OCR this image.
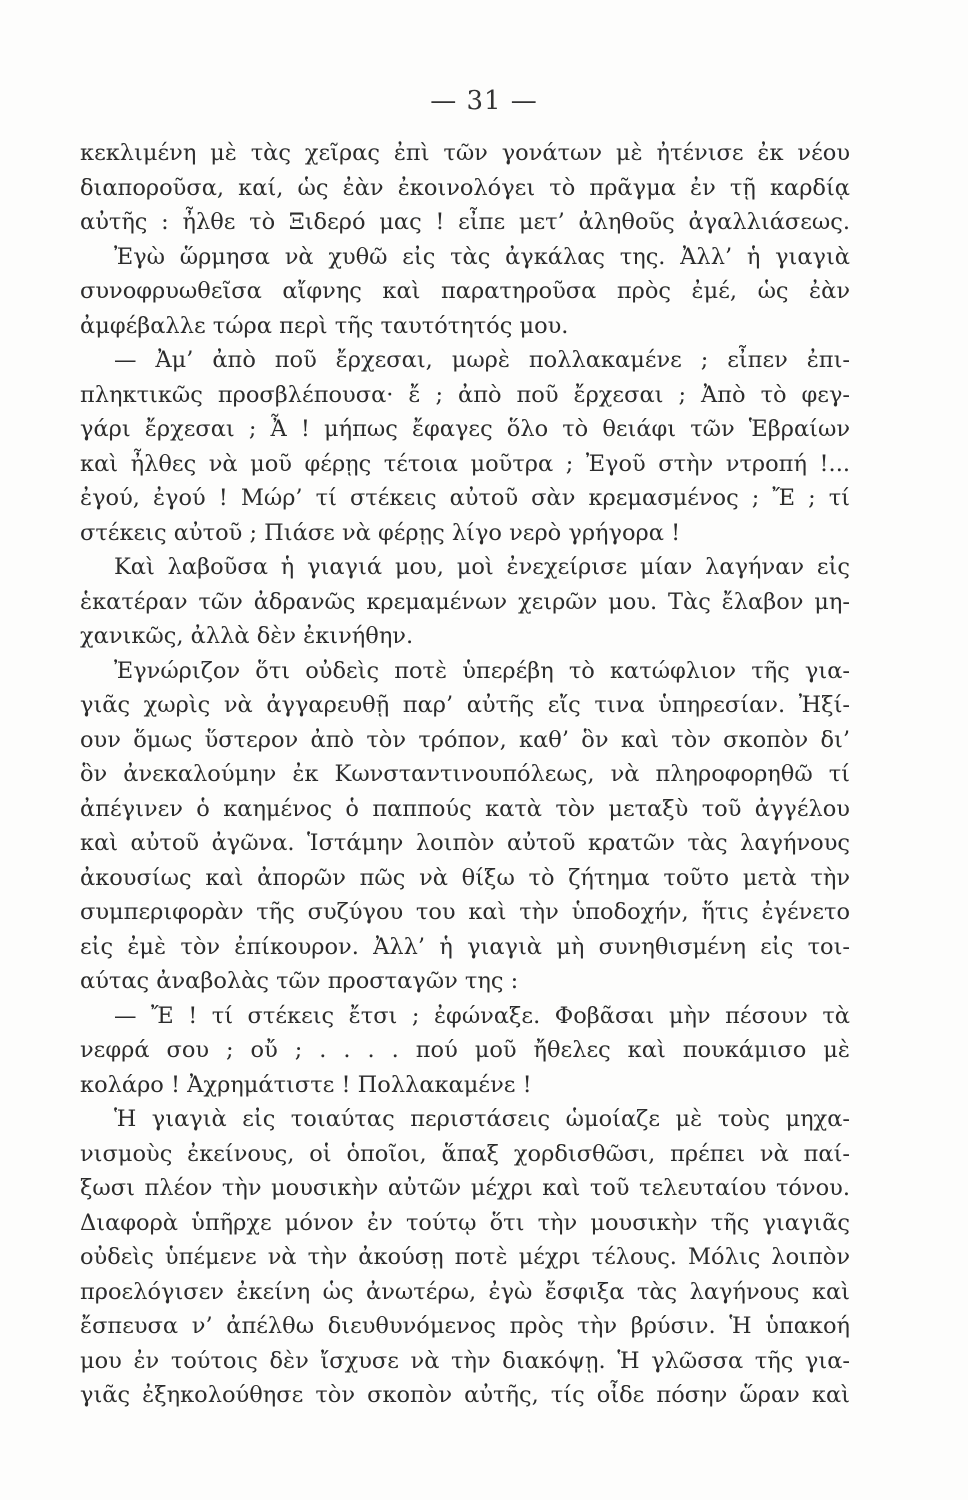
— 31 —
κεκλιμένη μὲ τὰς χεῖρας ἐπὶ τῶν γονάτων μὲ ἠτένισε ἐκ νέου
διαπορoῦσα, καί, ὡς ἐὰν ἐκοινολόγει τὸ πρᾶγμα ἐν τῇ καρδίᾳ
αὐτῆς : ἦλθε τὸ Ξιδερό μας ! εἶπε μετ’ ἀληθοῦς ἀγαλλιάσεως.
Ἐγὼ ὥρμησα νὰ χυθῶ εἰς τὰς ἀγκάλας της. Ἀλλ’ ἡ γιαγιὰ
συνοφρυωθεῖσα αἴφνης καὶ παρατηροῦσα πρὸς ἐμέ, ὡς ἐὰν
ἀμφέβαλλε τώρα περὶ τῆς ταυτότητός μου.
— Ἀμ’ ἀπὸ ποῦ ἔρχεσαι, μωρὲ πολλακαμένε ; εἶπεν ἐπι-
πληκτικῶς προσβλέπουσα· ἔ ; ἀπὸ ποῦ ἔρχεσαι ; Ἀπὸ τὸ φεγ-
γάρι ἔρχεσαι ; Ἆ ! μήπως ἔφαγες ὅλο τὸ θειάφι τῶν Ἑβραίων
καὶ ἦλθες νὰ μοῦ φέρῃς τέτοια μοῦτρα ; Ἐγοῦ στὴν ντροπή !...
ἐγού, ἐγού ! Μώρ’ τί στέκεις αὐτοῦ σὰν κρεμασμένος ; Ἔ ; τί
στέκεις αὐτοῦ ; Πιάσε νὰ φέρῃς λίγο νερὸ γρήγορα !
Καὶ λαβοῦσα ἡ γιαγιά μου, μοὶ ἐνεχείρισε μίαν λαγήναν εἰς
ἑκατέραν τῶν ἀδρανῶς κρεμαμένων χειρῶν μου. Τὰς ἔλαβον μη-
χανικῶς, ἀλλὰ δὲν ἐκινήθην.
Ἐγνώριζον ὅτι οὐδεὶς ποτὲ ὑπερέβη τὸ κατώφλιον τῆς για-
γιᾶς χωρὶς νὰ ἀγγαρευθῇ παρ’ αὐτῆς εἴς τινα ὑπηρεσίαν. Ἠξί-
ουν ὅμως ὕστερον ἀπὸ τὸν τρόπον, καθ’ ὃν καὶ τὸν σκοπὸν δι’
ὃν ἀνεκαλούμην ἐκ Κωνσταντινουπόλεως, νὰ πληροφορηθῶ τί
ἀπέγινεν ὁ καημένος ὁ παππούς κατὰ τὸν μεταξὺ τοῦ ἀγγέλου
καὶ αὐτοῦ ἀγῶνα. Ἱστάμην λοιπὸν αὐτοῦ κρατῶν τὰς λαγήνους
ἀκουσίως καὶ ἀπορῶν πῶς νὰ θίξω τὸ ζήτημα τοῦτο μετὰ τὴν
συμπεριφορὰν τῆς συζύγου του καὶ τὴν ὑποδοχήν, ἥτις ἐγένετο
εἰς ἐμὲ τὸν ἐπίκουρον. Ἀλλ’ ἡ γιαγιὰ μὴ συνηθισμένη εἰς τοι-
αύτας ἀναβολὰς τῶν προσταγῶν της :
— Ἔ ! τί στέκεις ἔτσι ; ἐφώναξε. Φοβᾶσαι μὴν πέσουν τὰ
νεφρά σου ; οὔ ; . . . . πού μοῦ ἤθελες καὶ πουκάμισο μὲ
κολάρο ! Ἀχρημάτιστε ! Πολλακαμένε !
Ἡ γιαγιὰ εἰς τοιαύτας περιστάσεις ὡμοίαζε μὲ τοὺς μηχα-
νισμοὺς ἐκείνους, οἱ ὁποῖοι, ἅπαξ χορδισθῶσι, πρέπει νὰ παί-
ξωσι πλέον τὴν μουσικὴν αὐτῶν μέχρι καὶ τοῦ τελευταίου τόνου.
Διαφορὰ ὑπῆρχε μόνον ἐν τούτῳ ὅτι τὴν μουσικὴν τῆς γιαγιᾶς
οὐδεὶς ὑπέμενε νὰ τὴν ἀκούσῃ ποτὲ μέχρι τέλους. Μόλις λοιπὸν
προελόγισεν ἐκείνη ὡς ἀνωτέρω, ἐγὼ ἔσφιξα τὰς λαγήνους καὶ
ἔσπευσα ν’ ἀπέλθω διευθυνόμενος πρὸς τὴν βρύσιν. Ἡ ὑπακοή
μου ἐν τούτοις δὲν ἴσχυσε νὰ τὴν διακόψῃ. Ἡ γλῶσσα τῆς για-
γιᾶς ἐξηκολούθησε τὸν σκοπὸν αὐτῆς, τίς οἶδε πόσην ὥραν καὶ
